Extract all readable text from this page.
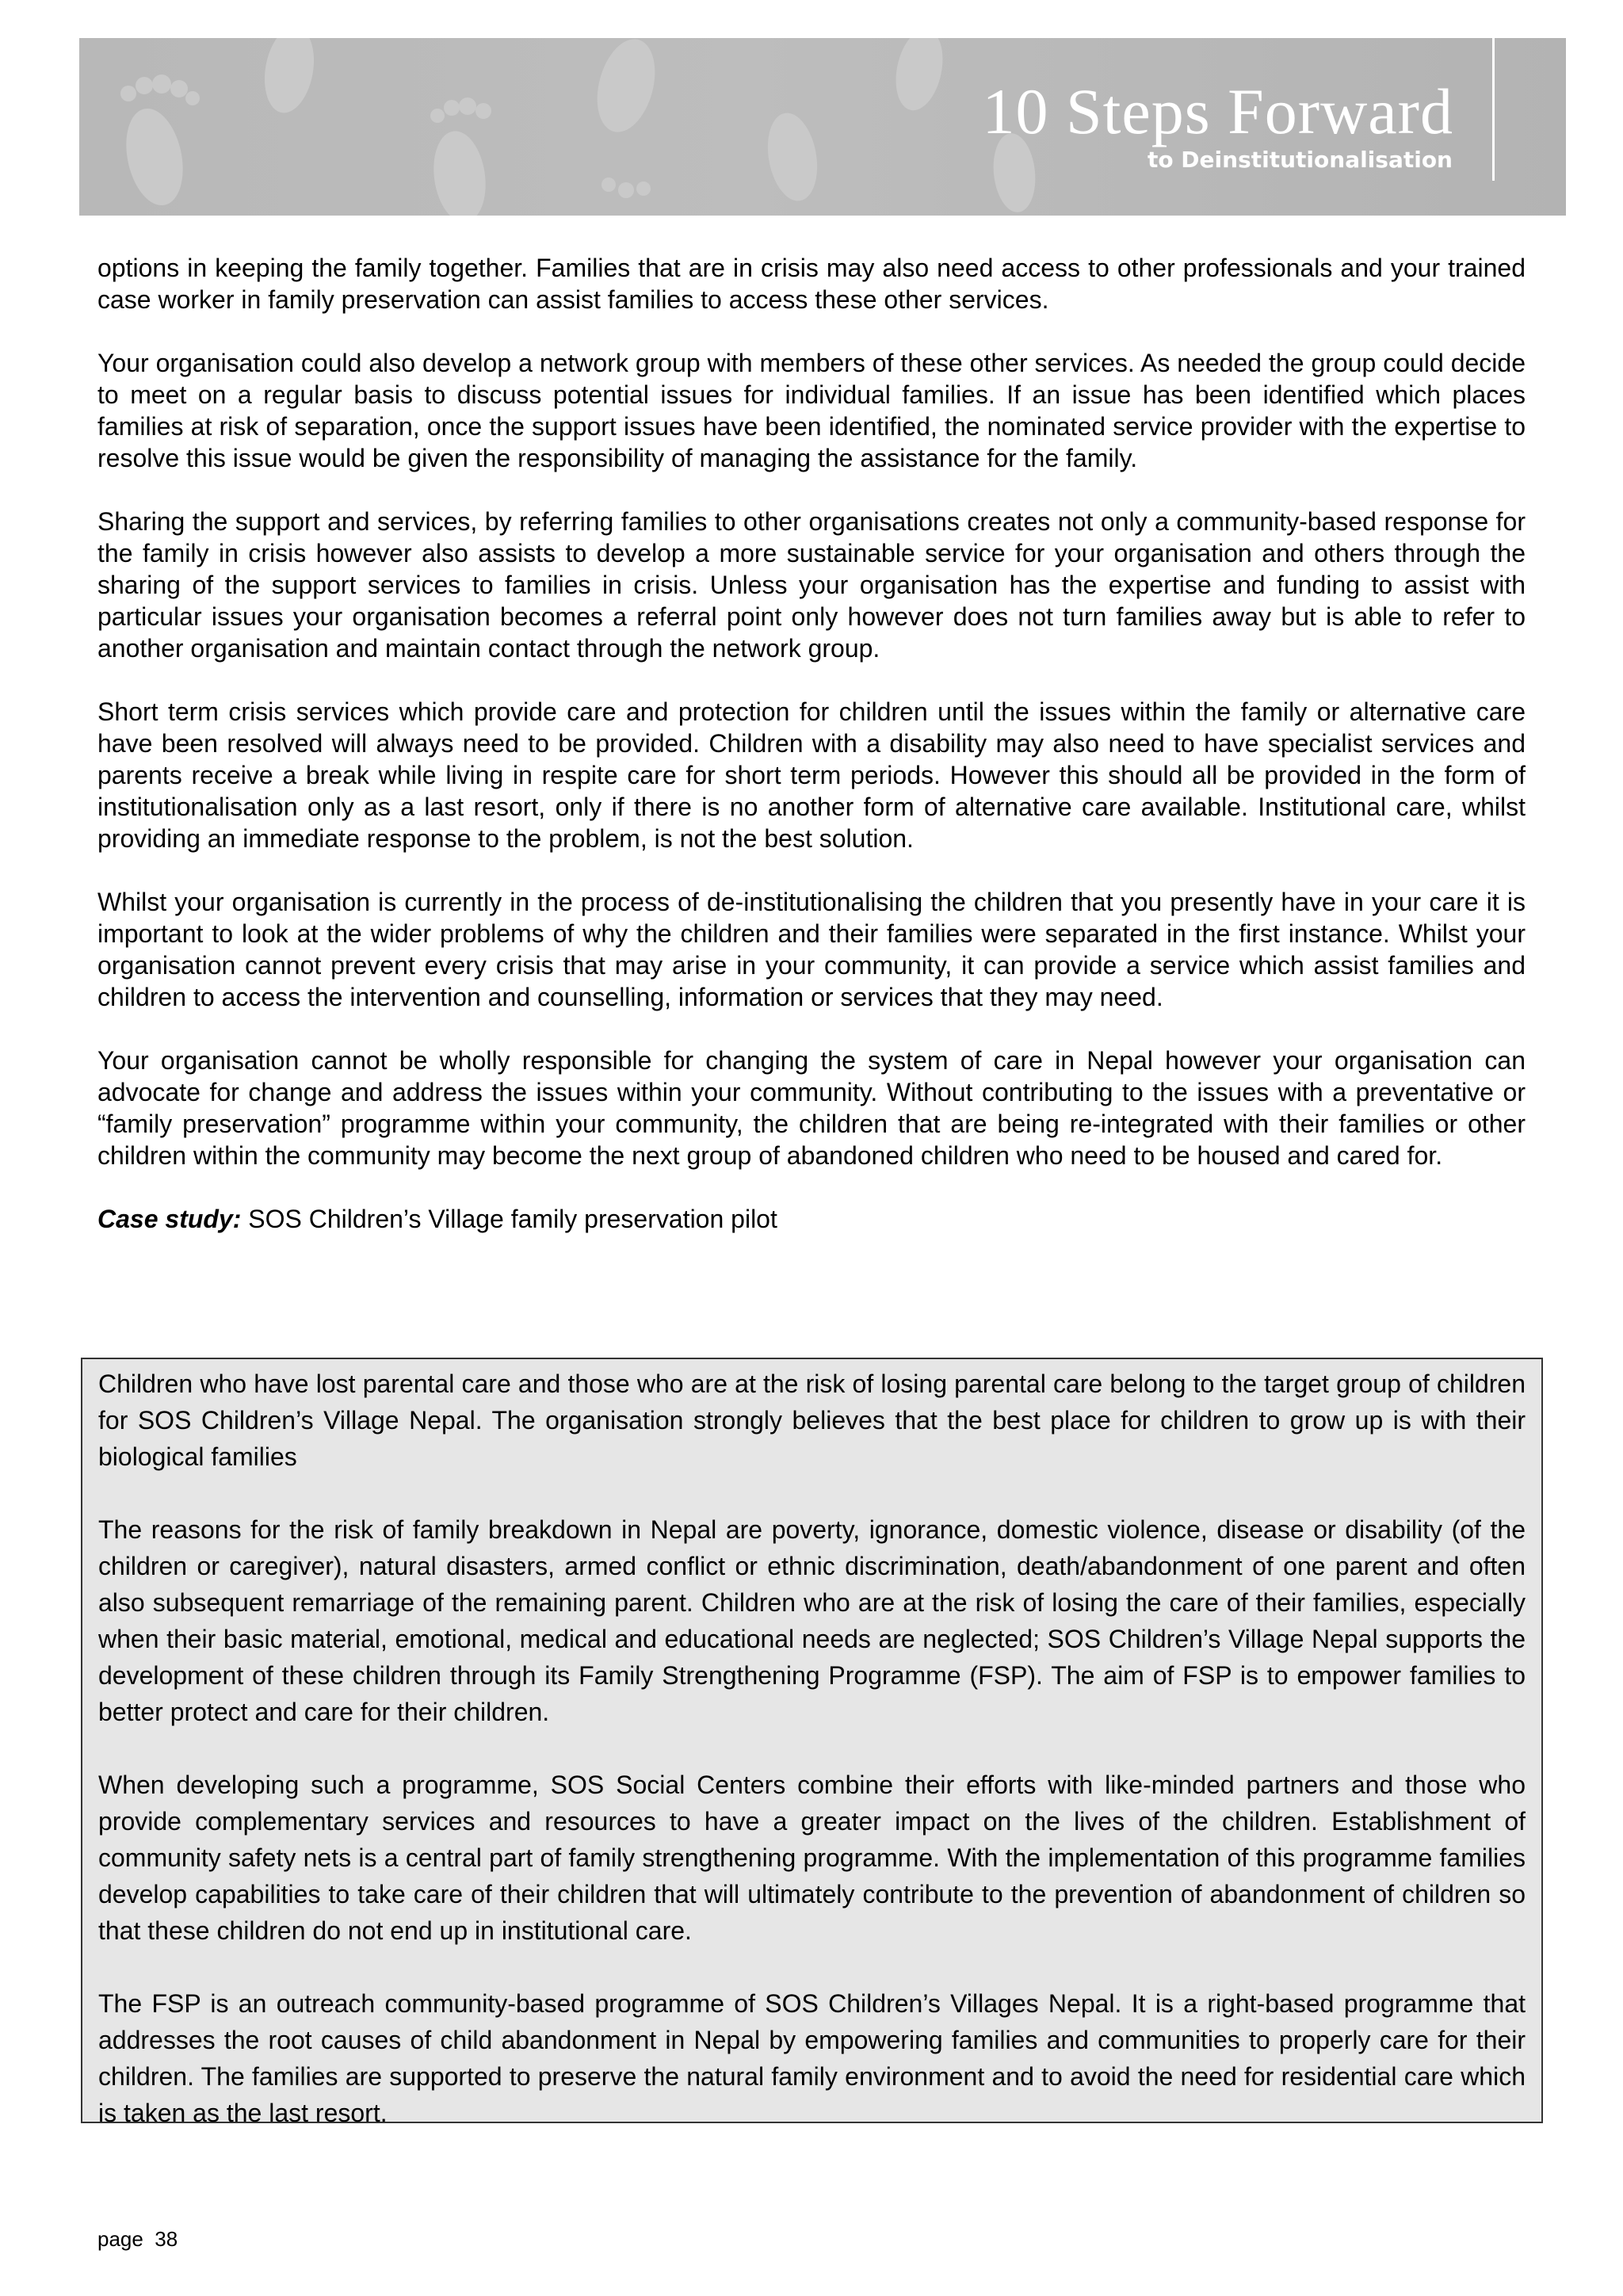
10 Steps Forward
to Deinstitutionalisation

options in keeping the family together. Families that are in crisis may also need access to other professionals and your trained case worker in family preservation can assist families to access these other services.

Your organisation could also develop a network group with members of these other services. As needed the group could decide to meet on a regular basis to discuss potential issues for individual families. If an issue has been identified which places families at risk of separation, once the support issues have been identified, the nominated service provider with the expertise to resolve this issue would be given the responsibility of managing the assistance for the family.

Sharing the support and services, by referring families to other organisations creates not only a community-based response for the family in crisis however also assists to develop a more sustainable service for your organisation and others through the sharing of the support services to families in crisis. Unless your organisation has the expertise and funding to assist with particular issues your organisation becomes a referral point only however does not turn families away but is able to refer to another organisation and maintain contact through the network group.

Short term crisis services which provide care and protection for children until the issues within the family or alternative care have been resolved will always need to be provided. Children with a disability may also need to have specialist services and parents receive a break while living in respite care for short term periods. However this should all be provided in the form of institutionalisation only as a last resort, only if there is no another form of alternative care available. Institutional care, whilst providing an immediate response to the problem, is not the best solution.

Whilst your organisation is currently in the process of de-institutionalising the children that you presently have in your care it is important to look at the wider problems of why the children and their families were separated in the first instance. Whilst your organisation cannot prevent every crisis that may arise in your community, it can provide a service which assist families and children to access the intervention and counselling, information or services that they may need.

Your organisation cannot be wholly responsible for changing the system of care in Nepal however your organisation can advocate for change and address the issues within your community. Without contributing to the issues with a preventative or “family preservation” programme within your community, the children that are being re-integrated with their families or other children within the community may become the next group of abandoned children who need to be housed and cared for.

Case study: SOS Children’s Village family preservation pilot

Children who have lost parental care and those who are at the risk of losing parental care belong to the target group of children for SOS Children’s Village Nepal. The organisation strongly believes that the best place for children to grow up is with their biological families

The reasons for the risk of family breakdown in Nepal are poverty, ignorance, domestic violence, disease or disability (of the children or caregiver), natural disasters, armed conflict or ethnic discrimination, death/abandonment of one parent and often also subsequent remarriage of the remaining parent. Children who are at the risk of losing the care of their families, especially when their basic material, emotional, medical and educational needs are neglected; SOS Children’s Village Nepal supports the development of these children through its Family Strengthening Programme (FSP). The aim of FSP is to empower families to better protect and care for their children.

When developing such a programme, SOS Social Centers combine their efforts with like-minded partners and those who provide complementary services and resources to have a greater impact on the lives of the children. Establishment of community safety nets is a central part of family strengthening programme. With the implementation of this programme families develop capabilities to take care of their children that will ultimately contribute to the prevention of abandonment of children so that these children do not end up in institutional care.

The FSP is an outreach community-based programme of SOS Children’s Villages Nepal. It is a right-based programme that addresses the root causes of child abandonment in Nepal by empowering families and communities to properly care for their children. The families are supported to preserve the natural family environment and to avoid the need for residential care which is taken as the last resort.

page  38
